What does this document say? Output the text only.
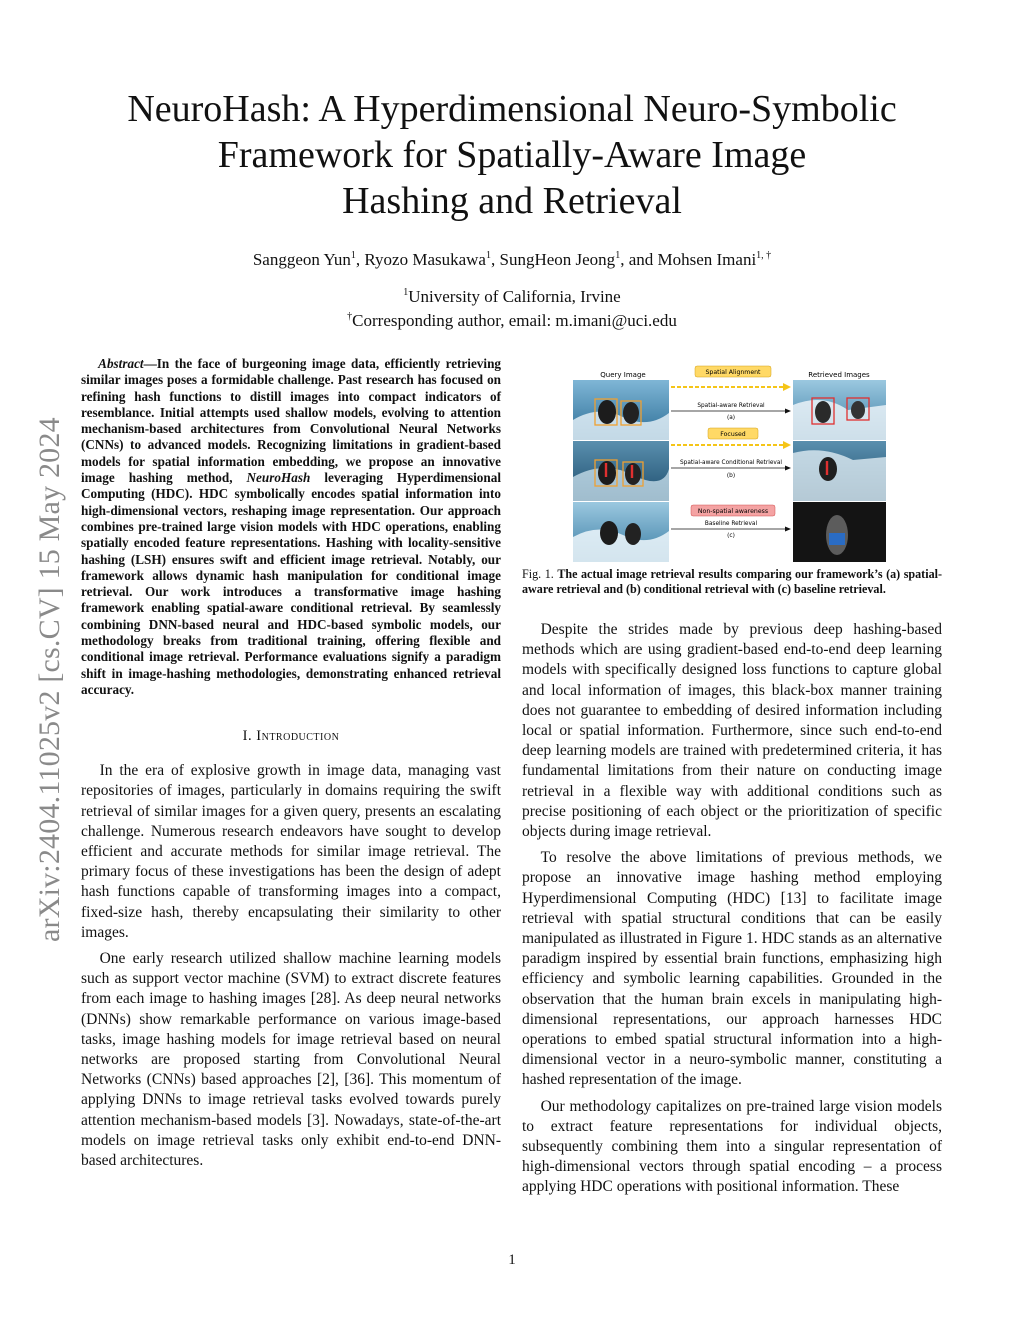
NeuroHash: A Hyperdimensional Neuro-Symbolic
Framework for Spatially-Aware Image
Hashing and Retrieval
Sanggeon Yun$^1$, Ryozo Masukawa$^1$, SungHeon Jeong$^1$, and Mohsen Imani$^{1, \dagger}$
$^1$University of California, Irvine
†Corresponding author, email: m.imani@uci.edu
arXiv:2404.11025v2 [cs.CV] 15 May 2024

Abstract—In the face of burgeoning image data, efficiently retrieving similar images poses a formidable challenge. Past research has focused on refining hash functions to distill images into compact indicators of resemblance. Initial attempts used shallow models, evolving to attention mechanism-based architectures from Convolutional Neural Networks (CNNs) to advanced models. Recognizing limitations in gradient-based models for spatial information embedding, we propose an innovative image hashing method, NeuroHash leveraging Hyperdimensional Computing (HDC). HDC symbolically encodes spatial information into high-dimensional vectors, reshaping image representation. Our approach combines pre-trained large vision models with HDC operations, enabling spatially encoded feature representations. Hashing with locality-sensitive hashing (LSH) ensures swift and efficient image retrieval. Notably, our framework allows dynamic hash manipulation for conditional image retrieval. Our work introduces a transformative image hashing framework enabling spatial-aware conditional retrieval. By seamlessly combining DNN-based neural and HDC-based symbolic models, our methodology breaks from traditional training, offering flexible and conditional image retrieval. Performance evaluations signify a paradigm shift in image-hashing methodologies, demonstrating enhanced retrieval accuracy.

I. Introduction

In the era of explosive growth in image data, managing vast repositories of images, particularly in domains requiring the swift retrieval of similar images for a given query, presents an escalating challenge. Numerous research endeavors have sought to develop efficient and accurate methods for similar image retrieval. The primary focus of these investigations has been the design of adept hash functions capable of transforming images into a compact, fixed-size hash, thereby encapsulating their similarity to other images.

One early research utilized shallow machine learning models such as support vector machine (SVM) to extract discrete features from each image to hashing images [28]. As deep neural networks (DNNs) show remarkable performance on various image-based tasks, image hashing models for image retrieval based on neural networks are proposed starting from Convolutional Neural Networks (CNNs) based approaches [2], [36]. This momentum of applying DNNs to image retrieval tasks evolved towards purely attention mechanism-based models [3]. Nowadays, state-of-the-art models on image retrieval tasks only exhibit end-to-end DNN-based architectures.

Query Image	Retrieved Images
Spatial Alignment
Spatial-aware Retrieval
(a)
Focused
Spatial-aware Conditional Retrieval
(b)
Non-spatial awareness
Baseline Retrieval
(c)
Fig. 1. The actual image retrieval results comparing our framework’s (a) spatial-aware retrieval and (b) conditional retrieval with (c) baseline retrieval.

Despite the strides made by previous deep hashing-based methods which are using gradient-based end-to-end deep learning models with specifically designed loss functions to capture global and local information of images, this black-box manner training does not guarantee to embedding of desired information including local or spatial information. Furthermore, since such end-to-end deep learning models are trained with predetermined criteria, it has fundamental limitations from their nature on conducting image retrieval in a flexible way with additional conditions such as precise positioning of each object or the prioritization of specific objects during image retrieval.

To resolve the above limitations of previous methods, we propose an innovative image hashing method employing Hyperdimensional Computing (HDC) [13] to facilitate image retrieval with spatial structural conditions that can be easily manipulated as illustrated in Figure 1. HDC stands as an alternative paradigm inspired by essential brain functions, emphasizing high efficiency and symbolic learning capabilities. Grounded in the observation that the human brain excels in manipulating high-dimensional representations, our approach harnesses HDC operations to embed spatial structural information into a high-dimensional vector in a neuro-symbolic manner, constituting a hashed representation of the image.

Our methodology capitalizes on pre-trained large vision models to extract feature representations for individual objects, subsequently combining them into a singular representation of high-dimensional vectors through spatial encoding – a process applying HDC operations with positional information. These

1
